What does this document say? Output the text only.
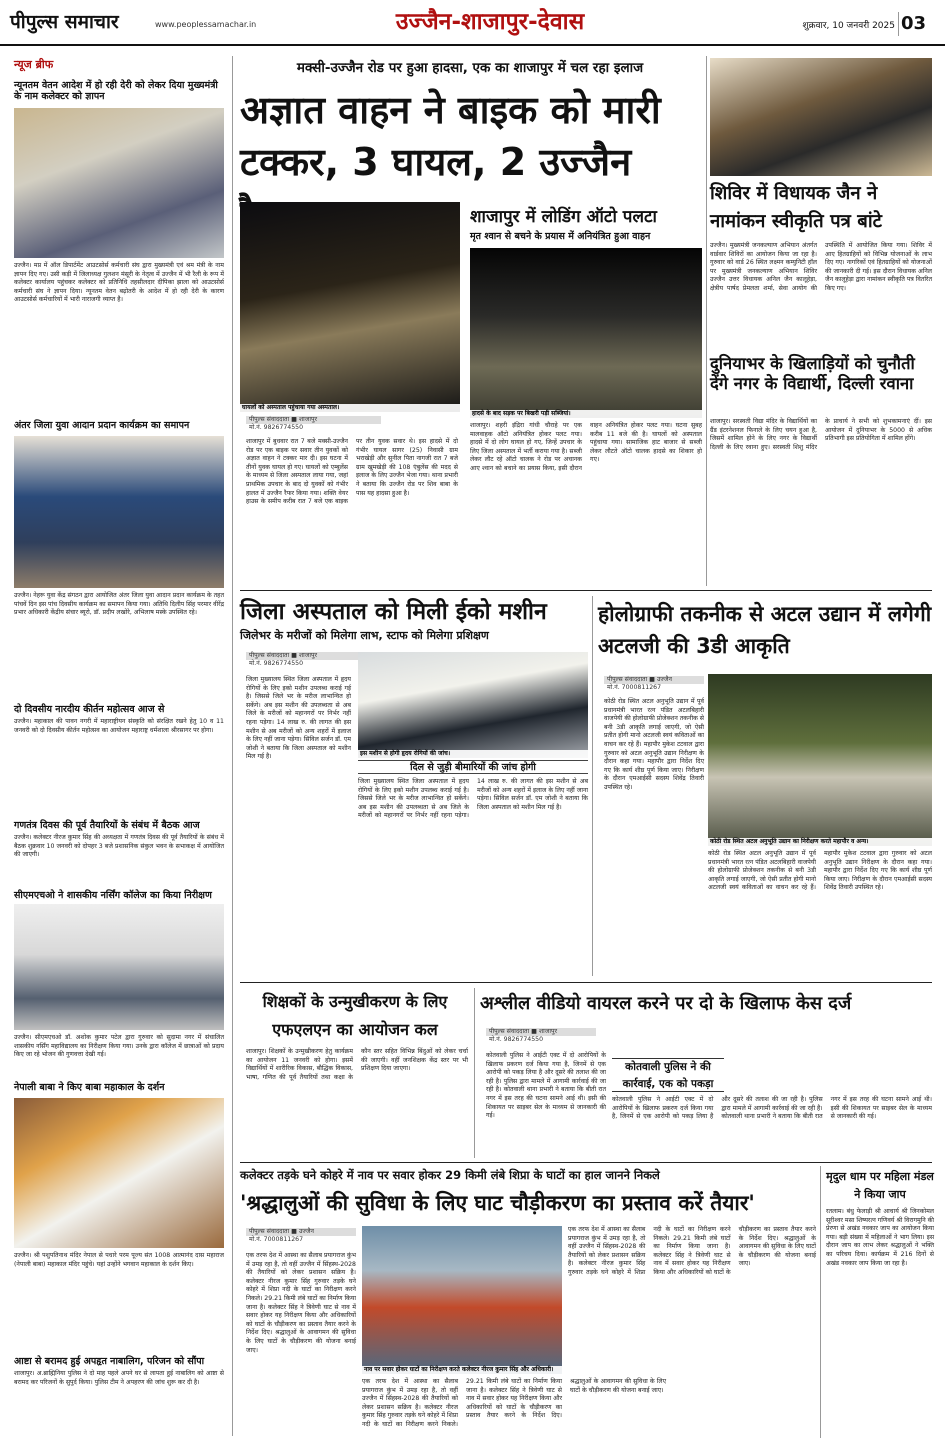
पीपुल्स समाचार	www.peoplessamachar.in	उज्जैन-शाजापुर-देवास	शुक्रवार, 10 जनवरी 2025 03
न्यूज ब्रीफ
न्यूनतम वेतन आदेश में हो रही देरी को लेकर दिया मुख्यमंत्री के नाम कलेक्टर को ज्ञापन
उज्जैन। मप्र में ऑल डिपार्टमेंट आउटसोर्स कर्मचारी संघ द्वारा मुख्यमंत्री एवं श्रम मंत्री के नाम ज्ञापन दिए गए। उसी कड़ी में जिलाध्यक्ष गुलशन मंसूरी के नेतृत्व में उज्जैन में भी रैली के रूप में कलेक्टर कार्यालय पहुंचकर कलेक्टर को प्रतिनिधि तहसीलदार दीपिका झाला को आउटसोर्स कर्मचारी संघ ने ज्ञापन दिया। न्यूनतम वेतन बढ़ोतरी के आदेश में हो रही देरी के कारण आउटसोर्स कर्मचारियों में भारी नाराजगी व्याप्त है।
अंतर जिला युवा आदान प्रदान कार्यक्रम का समापन
उज्जैन। नेहरू युवा केंद्र संगठन द्वारा आयोजित अंतर जिला युवा आदान प्रदान कार्यक्रम के तहत पांचवें दिन इस पांच दिवसीय कार्यक्रम का समापन किया गया। अतिथि दिलीप सिंह परमार वीरेंद्र प्रभार अधिकारी केंद्रीय संचार ब्यूरो, डॉ. प्रदीप लखोरे, अभिलाष मस्के उपस्थित रहे।
दो दिवसीय नारदीय कीर्तन महोत्सव आज से
उज्जैन। महाकाल की पावन नगरी में महाराष्ट्रीयन संस्कृति को संरक्षित रखने हेतु 10 व 11 जनवरी को दो दिवसीय कीर्तन महोत्सव का आयोजन महाराष्ट्र धर्मशाला श्रीरसागर पर होगा।
गणतंत्र दिवस की पूर्व तैयारियों के संबंध में बैठक आज
उज्जैन। कलेक्टर नीरज कुमार सिंह की अध्यक्षता में गणतंत्र दिवस की पूर्व तैयारियों के संबंध में बैठक शुक्रवार 10 जनवरी को दोपहर 3 बजे प्रशासनिक संकुल भवन के सभाकक्ष में आयोजित की जाएगी।
सीएमएचओ ने शासकीय नर्सिंग कॉलेज का किया निरीक्षण
उज्जैन। सीएमएचओ डॉ. अशोक कुमार पटेल द्वारा गुरुवार को सुदामा नगर में संचालित शासकीय नर्सिंग महाविद्यालय का निरीक्षण किया गया। उनके द्वारा कॉलेज में छात्राओं को प्रदाय किए जा रहे भोजन की गुणवत्ता देखी गई।
नेपाली बाबा ने किए बाबा महाकाल के दर्शन
उज्जैन। श्री पशुपतिनाथ मंदिर नेपाल से पधारे परम पूज्य संत 1008 आत्मानंद दास महाराज (नेपाली बाबा) महाकाल मंदिर पहुंचे। यहां उन्होंने भगवान महाकाल के दर्शन किए।
आष्टा से बरामद हुई अपहृत नाबालिग, परिजन को सौंपा
शाजापुर। अ.ब्राह्मिनिया पुलिस ने दो माह पहले अपने घर से लापता हुई नाबालिग को आष्टा से बरामद कर परिजनों के सुपुर्द किया। पुलिस टीम ने अपहरण की जांच शुरू कर दी है।
मक्सी-उज्जैन रोड पर हुआ हादसा, एक का शाजापुर में चल रहा इलाज
अज्ञात वाहन ने बाइक को मारी टक्कर, 3 घायल, 2 उज्जैन
घायलों को अस्पताल पहुंचाया गया अस्पताल।
पीपुल्स संवाददाता ■ शाजापुर
मो.नं. 9826774550
शाजापुर में बुधवार रात 7 बजे मक्सी-उज्जैन रोड पर एक बाइक पर सवार तीन युवकों को अज्ञात वाहन ने टक्कर मार दी। इस घटना में तीनों युवक घायल हो गए। घायलों को एम्बुलेंस के माध्यम से जिला अस्पताल लाया गया, जहां प्राथमिक उपचार के बाद दो युवकों को गंभीर हालत में उज्जैन रैफर किया गया। शक्ति वेयर हाउस के समीप करीब रात 7 बजे एक बाइक पर तीन युवक सवार थे। इस हादसे में दो गंभीर घायल सागर (25) निवासी ग्राम भराखेड़ी और सुनील पिता नागजी रात 7 बजे ग्राम खुमखेड़ी की 108 एंबुलेंस की मदद से इलाज के लिए उज्जैन भेजा गया। थाना प्रभारी ने बताया कि उज्जैन रोड पर शिव बाबा के पास यह हादसा हुआ है।
शाजापुर में लोडिंग ऑटो पलटा
मृत श्वान से बचने के प्रयास में अनियंत्रित हुआ वाहन
हादसे के बाद सड़क पर बिखरी पड़ी सब्जियां।
शाजापुर। शहरी इंद्रिरा गांधी चौराहे पर एक मालवाहक ऑटो अनियंत्रित होकर पलट गया। हादसे में दो लोग घायल हो गए, जिन्हें उपचार के लिए जिला अस्पताल में भर्ती कराया गया है। सब्जी लेकर लौट रहे ऑटो चालक ने रोड पर अचानक आए श्वान को बचाने का प्रयास किया, इसी दौरान वाहन अनियंत्रित होकर पलट गया। घटना सुबह करीब 11 बजे की है। घायलों को अस्पताल पहुंचाया गया। सामाजिक हाट बाजार से सब्जी लेकर लौटते ऑटो चालक हादसे का शिकार हो गए।
शिविर में विधायक जैन ने नामांकन स्वीकृति पत्र बांटे
उज्जैन। मुख्यमंत्री जनकल्याण अभियान अंतर्गत वार्डवार शिविरों का आयोजन किया जा रहा है। गुरुवार को वार्ड 26 स्थित लक्ष्मन कम्युनिटी हॉल पर मुख्यमंत्री जनकल्याण अभियान शिविर उज्जैन उत्तर विधायक अनिल जैन कालूहेड़ा, क्षेत्रीय पार्षद प्रेमलता शर्मा, सेवा आयोग की उपस्थिति में आयोजित किया गया। शिविर में आए हितग्राहियों को विभिन्न योजनाओं के लाभ दिए गए। नागरिकों एवं हितग्राहियों को योजनाओं की जानकारी दी गई। इस दौरान विधायक अनिल जैन कालूहेड़ा द्वारा नामांकन स्वीकृति पत्र वितरित किए गए।
दुनियाभर के खिलाड़ियों को चुनौती देंगे नगर के विद्यार्थी, दिल्ली रवाना
शाजापुर। सरस्वती विद्या मंदिर के विद्यार्थियों का ग्रैंड इंटरनेशनल फिनाले के लिए चयन हुआ है, जिसमें शामिल होने के लिए नगर के विद्यार्थी दिल्ली के लिए रवाना हुए। सरस्वती शिशु मंदिर के प्राचार्य ने सभी को शुभकामनाएं दीं। इस आयोजन में दुनियाभर के 5000 से अधिक प्रतिभागी इस प्रतियोगिता में शामिल होंगे।
जिला अस्पताल को मिली ईको मशीन
जिलेभर के मरीजों को मिलेगा लाभ, स्टाफ को मिलेगा प्रशिक्षण
पीपुल्स संवाददाता ■ शाजापुर
मो.नं. 9826774550
जिला मुख्यालय स्थित जिला अस्पताल में हृदय रोगियों के लिए इको मशीन उपलब्ध कराई गई है। जिससे जिले भर के मरीज लाभान्वित हो सकेंगे। अब इस मशीन की उपलब्धता से अब जिले के मरीजों को महानगरों पर निर्भर नहीं रहना पड़ेगा। 14 लाख रु. की लागत की इस मशीन से अब मरीजों को अन्य शहरों में इलाज के लिए नहीं जाना पड़ेगा। सिविल सर्जन डॉ. एम जोशी ने बताया कि जिला अस्पताल को मशीन मिल गई है।	इस मशीन से होगी हृदय रोगियों की जांच।
दिल से जुड़ी बीमारियों की जांच होगी
जिला मुख्यालय स्थित जिला अस्पताल में हृदय रोगियों के लिए इको मशीन उपलब्ध कराई गई है। जिससे जिले भर के मरीज लाभान्वित हो सकेंगे। अब इस मशीन की उपलब्धता से अब जिले के मरीजों को महानगरों पर निर्भर नहीं रहना पड़ेगा। 14 लाख रु. की लागत की इस मशीन से अब मरीजों को अन्य शहरों में इलाज के लिए नहीं जाना पड़ेगा। सिविल सर्जन डॉ. एम जोशी ने बताया कि जिला अस्पताल को मशीन मिल गई है।
होलोग्राफी तकनीक से अटल उद्यान में लगेगी अटलजी की 3डी आकृति
पीपुल्स संवाददाता ■ उज्जैन
मो.नं. 7000811267
कोठी रोड स्थित अटल अनुभूति उद्यान में पूर्व प्रधानमंत्री भारत रत्न पंडित अटलबिहारी वाजपेयी की होलोग्राफी प्रोजेक्शन तकनीक से बनी 3डी आकृति लगाई जाएगी, जो ऐसी प्रतीत होगी मानो अटलजी स्वयं कविताओं का वाचन कर रहे हैं। महापौर मुकेश टटवाल द्वारा गुरुवार को अटल अनुभूति उद्यान निरीक्षण के दौरान कहा गया। महापौर द्वारा निर्देश दिए गए कि कार्य शीघ्र पूर्ण किया जाए। निरीक्षण के दौरान एमआईसी सदस्य शिवेंद्र तिवारी उपस्थित रहे।
कोठी रोड स्थित अटल अनुभूति उद्यान का निरीक्षण करते महापौर व अन्य।
कोठी रोड स्थित अटल अनुभूति उद्यान में पूर्व प्रधानमंत्री भारत रत्न पंडित अटलबिहारी वाजपेयी की होलोग्राफी प्रोजेक्शन तकनीक से बनी 3डी आकृति लगाई जाएगी, जो ऐसी प्रतीत होगी मानो अटलजी स्वयं कविताओं का वाचन कर रहे हैं। महापौर मुकेश टटवाल द्वारा गुरुवार को अटल अनुभूति उद्यान निरीक्षण के दौरान कहा गया। महापौर द्वारा निर्देश दिए गए कि कार्य शीघ्र पूर्ण किया जाए। निरीक्षण के दौरान एमआईसी सदस्य शिवेंद्र तिवारी उपस्थित रहे।
शिक्षकों के उन्मुखीकरण के लिए एफएलएन का आयोजन कल
शाजापुर। शिक्षकों के उन्मुखीकरण हेतु कार्यक्रम का आयोजन 11 जनवरी को होगा। इसमें विद्यार्थियों में शारीरिक विकास, बौद्धिक विकास, भाषा, गणित की पूर्व तैयारियों तथा कक्षा के कौन स्तर सहित विभिन्न बिंदुओं को लेकर चर्चा की जाएगी। वहीं जनशिक्षक केंद्र स्तर पर भी प्रशिक्षण दिया जाएगा।
अश्लील वीडियो वायरल करने पर दो के खिलाफ केस दर्ज
पीपुल्स संवाददाता ■ शाजापुर
मो.नं. 9826774550
कोतवाली पुलिस ने आईटी एक्ट में दो आरोपियों के खिलाफ प्रकरण दर्ज किया गया है, जिनमें से एक आरोपी को पकड़ लिया है और दूसरे की तलाश की जा रही है। पुलिस द्वारा मामले में आगामी कार्रवाई की जा रही है। कोतवाली थाना प्रभारी ने बताया कि बीती रात नगर में इस तरह की घटना सामने आई थी। इसी की शिकायत पर साइबर सेल के माध्यम से जानकारी की गई।
कोतवाली पुलिस ने की कार्रवाई, एक को पकड़ा
कोतवाली पुलिस ने आईटी एक्ट में दो आरोपियों के खिलाफ प्रकरण दर्ज किया गया है, जिनमें से एक आरोपी को पकड़ लिया है और दूसरे की तलाश की जा रही है। पुलिस द्वारा मामले में आगामी कार्रवाई की जा रही है। कोतवाली थाना प्रभारी ने बताया कि बीती रात नगर में इस तरह की घटना सामने आई थी। इसी की शिकायत पर साइबर सेल के माध्यम से जानकारी की गई।
कलेक्टर तड़के घने कोहरे में नाव पर सवार होकर 29 किमी लंबे शिप्रा के घाटों का हाल जानने निकले
'श्रद्धालुओं की सुविधा के लिए घाट चौड़ीकरण का प्रस्ताव करें तैयार'
पीपुल्स संवाददाता ■ उज्जैन
मो.नं. 7000811267
एक तरफ देश में आस्था का सैलाब प्रयागराज कुंभ में उमड़ रहा है, तो वहीं उज्जैन में सिंहस्थ-2028 की तैयारियों को लेकर प्रशासन सक्रिय है। कलेक्टर नीरज कुमार सिंह गुरुवार तड़के घने कोहरे में शिप्रा नदी के घाटों का निरीक्षण करने निकले। 29.21 किमी लंबे घाटों का निर्माण किया जाना है। कलेक्टर सिंह ने त्रिवेणी घाट से नाव में सवार होकर यह निरीक्षण किया और अधिकारियों को घाटों के चौड़ीकरण का प्रस्ताव तैयार करने के निर्देश दिए। श्रद्धालुओं के आवागमन की सुविधा के लिए घाटों के चौड़ीकरण की योजना बनाई जाए।
नाव पर सवार होकर घाटों का निरीक्षण करते कलेक्टर नीरज कुमार सिंह और अधिकारी।
एक तरफ देश में आस्था का सैलाब प्रयागराज कुंभ में उमड़ रहा है, तो वहीं उज्जैन में सिंहस्थ-2028 की तैयारियों को लेकर प्रशासन सक्रिय है। कलेक्टर नीरज कुमार सिंह गुरुवार तड़के घने कोहरे में शिप्रा नदी के घाटों का निरीक्षण करने निकले। 29.21 किमी लंबे घाटों का निर्माण किया जाना है। कलेक्टर सिंह ने त्रिवेणी घाट से नाव में सवार होकर यह निरीक्षण किया और अधिकारियों को घाटों के चौड़ीकरण का प्रस्ताव तैयार करने के निर्देश दिए। श्रद्धालुओं के आवागमन की सुविधा के लिए घाटों के चौड़ीकरण की योजना बनाई जाए।
एक तरफ देश में आस्था का सैलाब प्रयागराज कुंभ में उमड़ रहा है, तो वहीं उज्जैन में सिंहस्थ-2028 की तैयारियों को लेकर प्रशासन सक्रिय है। कलेक्टर नीरज कुमार सिंह गुरुवार तड़के घने कोहरे में शिप्रा नदी के घाटों का निरीक्षण करने निकले। 29.21 किमी लंबे घाटों का निर्माण किया जाना है। कलेक्टर सिंह ने त्रिवेणी घाट से नाव में सवार होकर यह निरीक्षण किया और अधिकारियों को घाटों के चौड़ीकरण का प्रस्ताव तैयार करने के निर्देश दिए। श्रद्धालुओं के आवागमन की सुविधा के लिए घाटों के चौड़ीकरण की योजना बनाई जाए।
मृदुल धाम पर महिला मंडल ने किया जाप
रतलाम। बंधु फेलाड़ी श्री आचार्य श्री जिनकोमल सूरीश्वर मसा शिष्यरत्न गणिवर्य श्री विरागमुनि की प्रेरणा से अखंड नवकार जाप का आयोजन किया गया। बड़ी संख्या में महिलाओं ने भाग लिया। इस दौरान जाप का लाभ लेकर श्रद्धालुओं ने भक्ति का परिचय दिया। कार्यक्रम में 216 दिनों से अखंड नवकार जाप किया जा रहा है।
